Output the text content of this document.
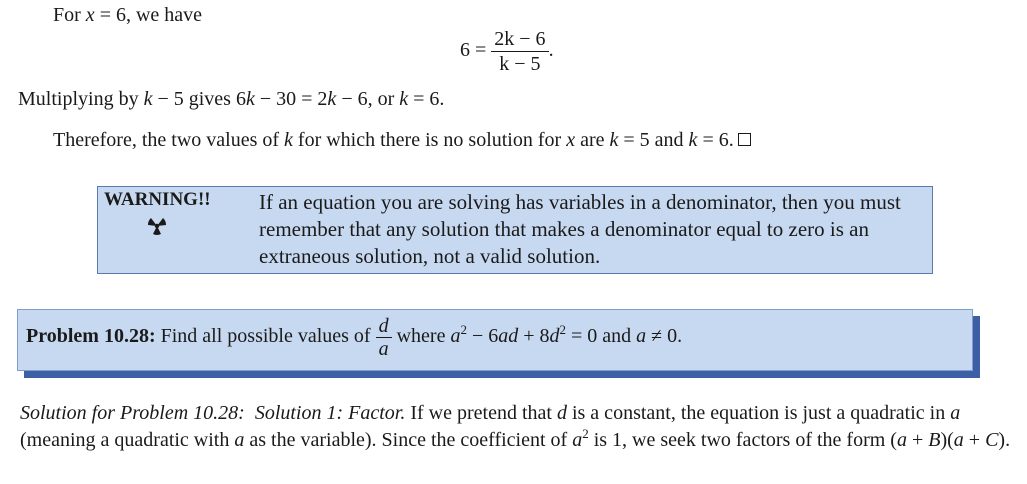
For x = 6, we have
$6 = \frac{2k - 6}{k - 5}$ .
Multiplying by k − 5 gives 6k − 30 = 2k − 6, or k = 6.
Therefore, the two values of k for which there is no solution for x are k = 5 and k = 6.
WARNING!! If an equation you are solving has variables in a denominator, then you must remember that any solution that makes a denominator equal to zero is an extraneous solution, not a valid solution.
Problem 10.28: Find all possible values of $\frac{d}{a}$ where $a^2 - 6ad + 8d^2 = 0$ and a ≠ 0.
Solution for Problem 10.28: Solution 1: Factor. If we pretend that d is a constant, the equation is just a quadratic in a (meaning a quadratic with a as the variable). Since the coefficient of $a^2$ is 1, we seek two factors of the form (a + B)(a + C).
